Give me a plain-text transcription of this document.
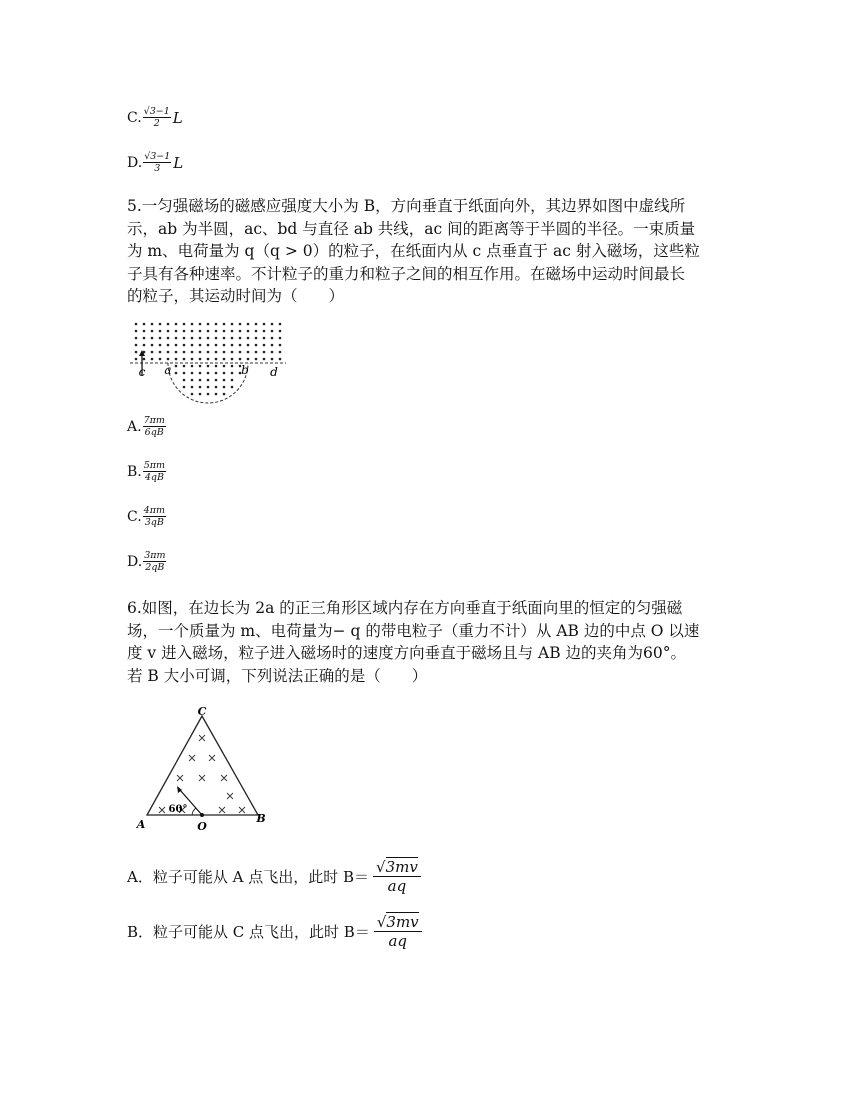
C. $\frac{√3-1}{2}$ L
D. $\frac{√3-1}{3}$ L

5.一匀强磁场的磁感应强度大小为 B，方向垂直于纸面向外，其边界如图中虚线所

示，ab 为半圆，ac、bd 与直径 ab 共线，ac 间的距离等于半圆的半径。一束质量

为 m、电荷量为 q（q > 0）的粒子，在纸面内从 c 点垂直于 ac 射入磁场，这些粒

子具有各种速率。不计粒子的重力和粒子之间的相互作用。在磁场中运动时间最长

的粒子，其运动时间为（　　）

c a	b d
A. $\frac{7\pi m}{6qB}$
B. $\frac{5\pi m}{4qB}$
C. $\frac{4\pi m}{3qB}$
D. $\frac{3\pi m}{2qB}$

6.如图，在边长为 2a 的正三角形区域内存在方向垂直于纸面向里的恒定的匀强磁

场，一个质量为 m、电荷量为− q 的带电粒子（重力不计）从 AB 边的中点 O 以速

度 v 进入磁场，粒子进入磁场时的速度方向垂直于磁场且与 AB 边的夹角为60°。

若 B 大小可调，下列说法正确的是（　　）

C
A	B
O
60°
A．粒子可能从 A 点飞出，此时 $B= \frac{√3mv}{aq}$
B．粒子可能从 C 点飞出，此时 $B= \frac{√3mv}{aq}$
